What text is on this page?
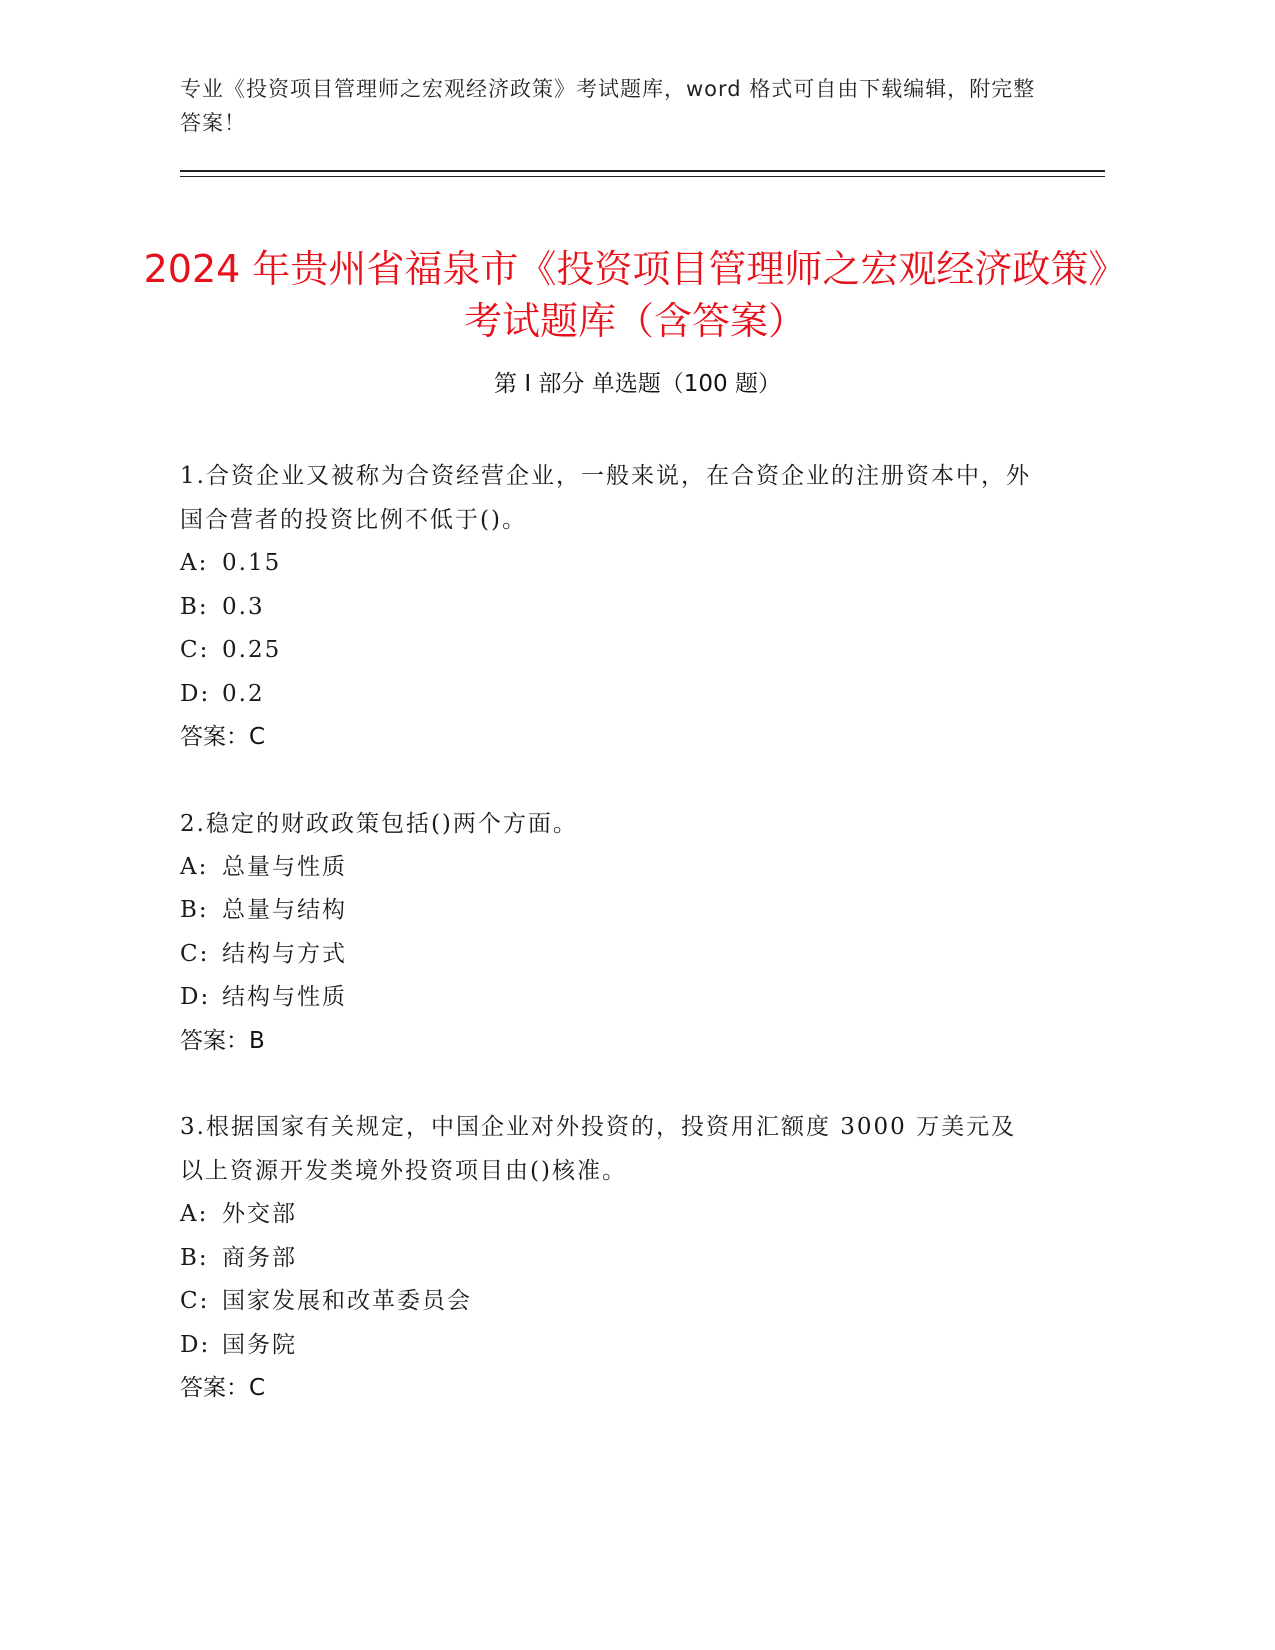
专业《投资项目管理师之宏观经济政策》考试题库，word 格式可自由下载编辑，附完整答案！
2024 年贵州省福泉市《投资项目管理师之宏观经济政策》考试题库（含答案）
第 I 部分 单选题（100 题）
1.合资企业又被称为合资经营企业，一般来说，在合资企业的注册资本中，外国合营者的投资比例不低于()。
A: 0.15
B: 0.3
C: 0.25
D: 0.2
答案：C
2.稳定的财政政策包括()两个方面。
A: 总量与性质
B: 总量与结构
C: 结构与方式
D: 结构与性质
答案：B
3.根据国家有关规定，中国企业对外投资的，投资用汇额度 3000 万美元及以上资源开发类境外投资项目由()核准。
A: 外交部
B: 商务部
C: 国家发展和改革委员会
D: 国务院
答案：C
